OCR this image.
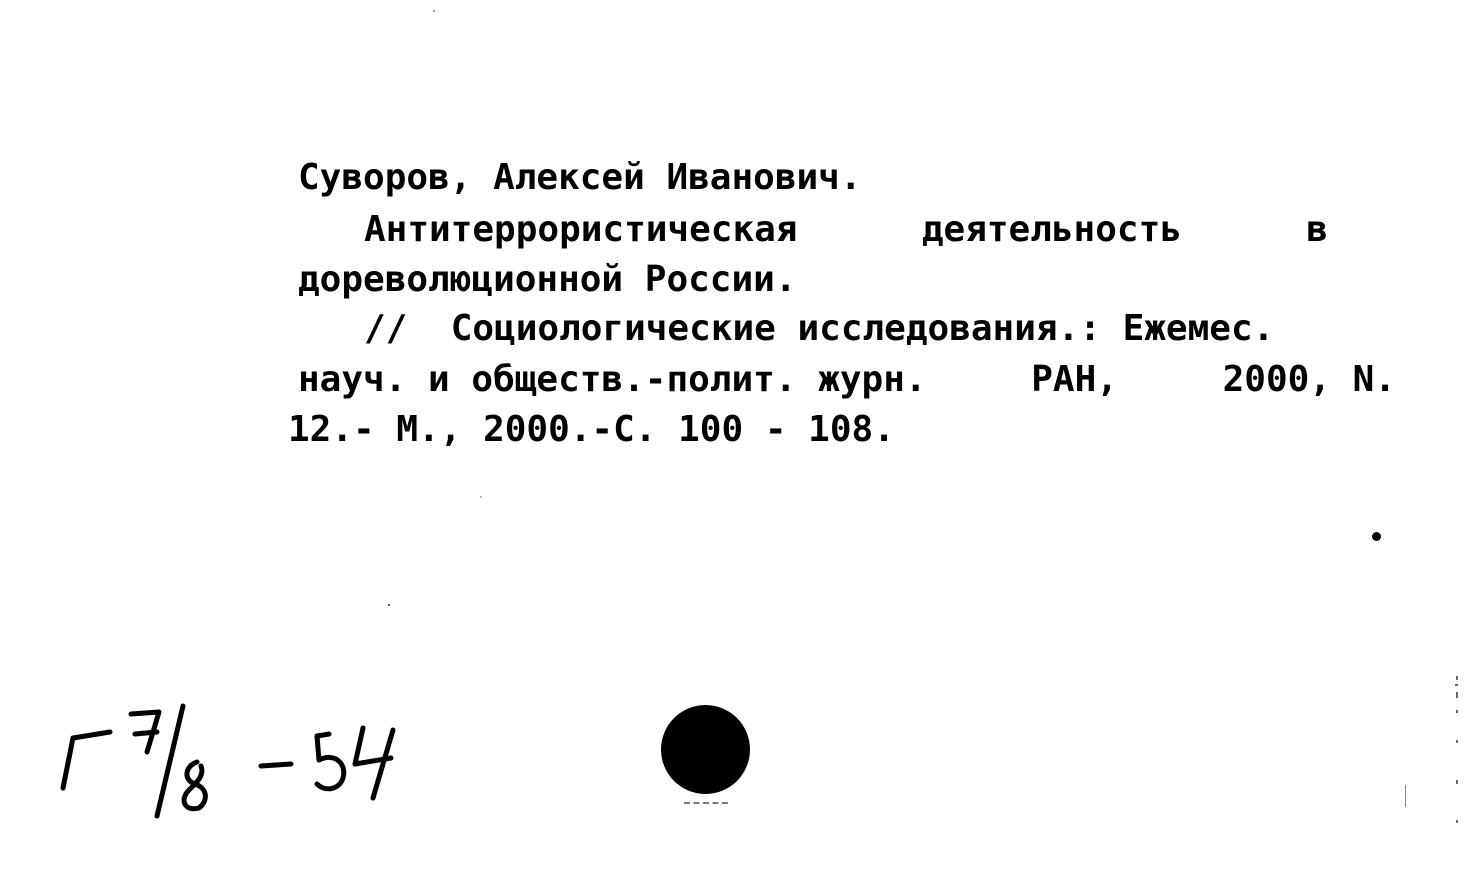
Суворов, Алексей Иванович.
Антитеррористическая	деятельность	в
дореволюционной России.
//  Социологические исследования.: Ежемес.
науч. и обществ.-полит. журн.	РАН,	2000, N.
12.- М., 2000.-С. 100 - 108.
